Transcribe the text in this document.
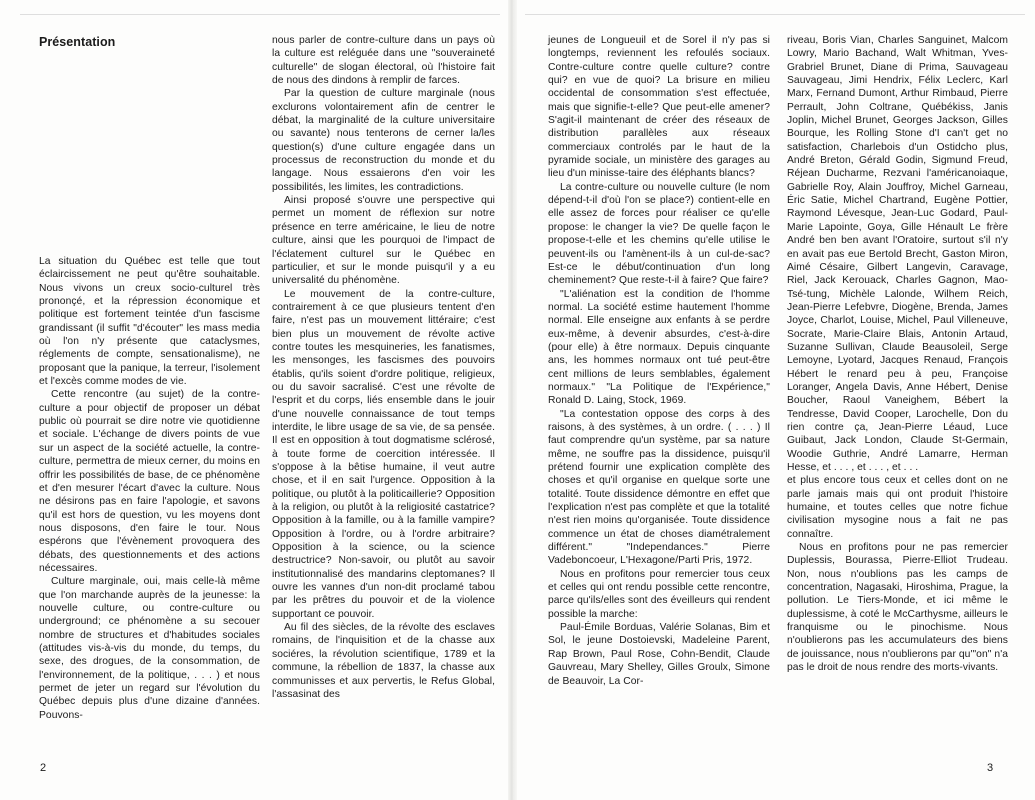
Présentation

La situation du Québec est telle que tout éclaircissement ne peut qu'être souhaitable. Nous vivons un creux socio-culturel très prononçé, et la répression économique et politique est fortement teintée d'un fascisme grandissant (il suffit "d'écouter" les mass media où l'on n'y présente que cataclysmes, réglements de compte, sensationalisme), ne proposant que la panique, la terreur, l'isolement et l'excès comme modes de vie.

Cette rencontre (au sujet) de la contre-culture a pour objectif de proposer un débat public où pourrait se dire notre vie quotidienne et sociale. L'échange de divers points de vue sur un aspect de la société actuelle, la contre-culture, permettra de mieux cerner, du moins en offrir les possibilités de base, de ce phénomène et d'en mesurer l'écart d'avec la culture. Nous ne désirons pas en faire l'apologie, et savons qu'il est hors de question, vu les moyens dont nous disposons, d'en faire le tour. Nous espérons que l'évènement provoquera des débats, des questionnements et des actions nécessaires.

Culture marginale, oui, mais celle-là même que l'on marchande auprès de la jeunesse: la nouvelle culture, ou contre-culture ou underground; ce phénomène a su secouer nombre de structures et d'habitudes sociales (attitudes vis-à-vis du monde, du temps, du sexe, des drogues, de la consommation, de l'environnement, de la politique, . . . ) et nous permet de jeter un regard sur l'évolution du Québec depuis plus d'une dizaine d'années. Pouvons-

nous parler de contre-culture dans un pays où la culture est reléguée dans une "souveraineté culturelle" de slogan électoral, où l'histoire fait de nous des dindons à remplir de farces.

Par la question de culture marginale (nous exclurons volontairement afin de centrer le débat, la marginalité de la culture universitaire ou savante) nous tenterons de cerner la/les question(s) d'une culture engagée dans un processus de reconstruction du monde et du langage. Nous essaierons d'en voir les possibilités, les limites, les contradictions.

Ainsi proposé s'ouvre une perspective qui permet un moment de réflexion sur notre présence en terre américaine, le lieu de notre culture, ainsi que les pourquoi de l'impact de l'éclatement culturel sur le Québec en particulier, et sur le monde puisqu'il y a eu universalité du phénomène.

Le mouvement de la contre-culture, contrairement à ce que plusieurs tentent d'en faire, n'est pas un mouvement littéraire; c'est bien plus un mouvement de révolte active contre toutes les mesquineries, les fanatismes, les mensonges, les fascismes des pouvoirs établis, qu'ils soient d'ordre politique, religieux, ou du savoir sacralisé. C'est une révolte de l'esprit et du corps, liés ensemble dans le jouir d'une nouvelle connaissance de tout temps interdite, le libre usage de sa vie, de sa pensée. Il est en opposition à tout dogmatisme sclérosé, à toute forme de coercition intéressée. Il s'oppose à la bêtise humaine, il veut autre chose, et il en sait l'urgence. Opposition à la politique, ou plutôt à la politicaillerie? Opposition à la religion, ou plutôt à la religiosité castatrice? Opposition à la famille, ou à la famille vampire? Opposition à l'ordre, ou à l'ordre arbitraire? Opposition à la science, ou la science destructrice? Non-savoir, ou plutôt au savoir institutionnalisé des mandarins cleptomanes? Il ouvre les vannes d'un non-dit proclamé tabou par les prêtres du pouvoir et de la violence supportant ce pouvoir.

Au fil des siècles, de la révolte des esclaves romains, de l'inquisition et de la chasse aux sociéres, la révolution scientifique, 1789 et la commune, la rébellion de 1837, la chasse aux communisses et aux pervertis, le Refus Global, l'assasinat des

jeunes de Longueuil et de Sorel il n'y pas si longtemps, reviennent les refoulés sociaux. Contre-culture contre quelle culture? contre qui? en vue de quoi? La brisure en milieu occidental de consommation s'est effectuée, mais que signifie-t-elle? Que peut-elle amener? S'agit-il maintenant de créer des réseaux de distribution parallèles aux réseaux commerciaux controlés par le haut de la pyramide sociale, un ministère des garages au lieu d'un minisse-taire des éléphants blancs?

La contre-culture ou nouvelle culture (le nom dépend-t-il d'où l'on se place?) contient-elle en elle assez de forces pour réaliser ce qu'elle propose: le changer la vie? De quelle façon le propose-t-elle et les chemins qu'elle utilise le peuvent-ils ou l'amènent-ils à un cul-de-sac? Est-ce le début/continuation d'un long cheminement? Que reste-t-il à faire? Que faire?

"L'aliénation est la condition de l'homme normal. La société estime hautement l'homme normal. Elle enseigne aux enfants à se perdre eux-même, à devenir absurdes, c'est-à-dire (pour elle) à être normaux. Depuis cinquante ans, les hommes normaux ont tué peut-être cent millions de leurs semblables, également normaux." "La Politique de l'Expérience," Ronald D. Laing, Stock, 1969.

"La contestation oppose des corps à des raisons, à des systèmes, à un ordre. ( . . . ) Il faut comprendre qu'un système, par sa nature même, ne souffre pas la dissidence, puisqu'il prétend fournir une explication complète des choses et qu'il organise en quelque sorte une totalité. Toute dissidence démontre en effet que l'explication n'est pas complète et que la totalité n'est rien moins qu'organisée. Toute dissidence commence un état de choses diamétralement différent." "Independances." Pierre Vadeboncoeur, L'Hexagone/Parti Pris, 1972.

Nous en profitons pour remercier tous ceux et celles qui ont rendu possible cette rencontre, parce qu'ils/elles sont des éveilleurs qui rendent possible la marche:

Paul-Émile Borduas, Valérie Solanas, Bim et Sol, le jeune Dostoievski, Madeleine Parent, Rap Brown, Paul Rose, Cohn-Bendit, Claude Gauvreau, Mary Shelley, Gilles Groulx, Simone de Beauvoir, La Cor-

riveau, Boris Vian, Charles Sanguinet, Malcom Lowry, Mario Bachand, Walt Whitman, Yves-Grabriel Brunet, Diane di Prima, Sauvageau Sauvageau, Jimi Hendrix, Félix Leclerc, Karl Marx, Fernand Dumont, Arthur Rimbaud, Pierre Perrault, John Coltrane, Québékiss, Janis Joplin, Michel Brunet, Georges Jackson, Gilles Bourque, les Rolling Stone d'I can't get no satisfaction, Charlebois d'un Ostidcho plus, André Breton, Gérald Godin, Sigmund Freud, Réjean Ducharme, Rezvani l'américanoiaque, Gabrielle Roy, Alain Jouffroy, Michel Garneau, Éric Satie, Michel Chartrand, Eugène Pottier, Raymond Lévesque, Jean-Luc Godard, Paul-Marie Lapointe, Goya, Gille Hénault Le frère André ben ben avant l'Oratoire, surtout s'il n'y en avait pas eue Bertold Brecht, Gaston Miron, Aimé Césaire, Gilbert Langevin, Caravage, Riel, Jack Kerouack, Charles Gagnon, Mao-Tsé-tung, Michèle Lalonde, Wilhem Reich, Jean-Pierre Lefebvre, Diogène, Brenda, James Joyce, Charlot, Louise, Michel, Paul Villeneuve, Socrate, Marie-Claire Blais, Antonin Artaud, Suzanne Sullivan, Claude Beausoleil, Serge Lemoyne, Lyotard, Jacques Renaud, François Hébert le renard peu à peu, Françoise Loranger, Angela Davis, Anne Hébert, Denise Boucher, Raoul Vaneighem, Bébert la Tendresse, David Cooper, Larochelle, Don du rien contre ça, Jean-Pierre Léaud, Luce Guibaut, Jack London, Claude St-Germain, Woodie Guthrie, André Lamarre, Herman Hesse, et . . . , et . . . , et . . .

et plus encore tous ceux et celles dont on ne parle jamais mais qui ont produit l'histoire humaine, et toutes celles que notre fichue civilisation mysogine nous a fait ne pas connaître.

Nous en profitons pour ne pas remercier Duplessis, Bourassa, Pierre-Elliot Trudeau. Non, nous n'oublions pas les camps de concentration, Nagasaki, Hiroshima, Prague, la pollution. Le Tiers-Monde, et ici même le duplessisme, à coté le McCarthysme, ailleurs le franquisme ou le pinochisme. Nous n'oublierons pas les accumulateurs des biens de jouissance, nous n'oublierons par qu'"on" n'a pas le droit de nous rendre des morts-vivants.

2	3
